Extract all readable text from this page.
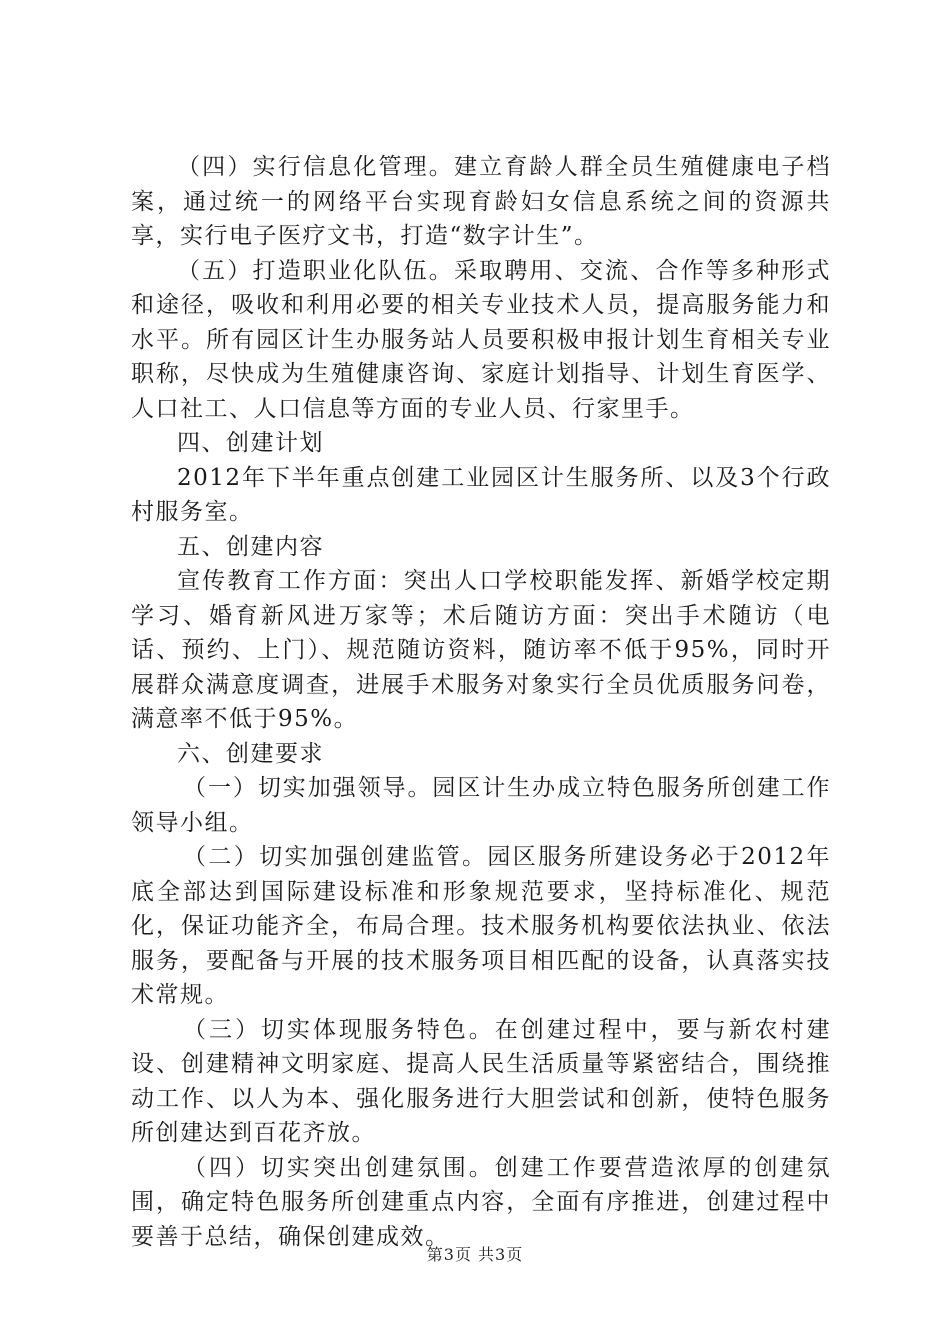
（四）实行信息化管理。建立育龄人群全员生殖健康电子档案，通过统一的网络平台实现育龄妇女信息系统之间的资源共享，实行电子医疗文书，打造“数字计生”。

（五）打造职业化队伍。采取聘用、交流、合作等多种形式和途径，吸收和利用必要的相关专业技术人员，提高服务能力和水平。所有园区计生办服务站人员要积极申报计划生育相关专业职称，尽快成为生殖健康咨询、家庭计划指导、计划生育医学、人口社工、人口信息等方面的专业人员、行家里手。

四、创建计划

2012年下半年重点创建工业园区计生服务所、以及3个行政村服务室。

五、创建内容

宣传教育工作方面：突出人口学校职能发挥、新婚学校定期学习、婚育新风进万家等；术后随访方面：突出手术随访（电话、预约、上门）、规范随访资料，随访率不低于95%，同时开展群众满意度调查，进展手术服务对象实行全员优质服务问卷，满意率不低于95%。

六、创建要求

（一）切实加强领导。园区计生办成立特色服务所创建工作领导小组。

（二）切实加强创建监管。园区服务所建设务必于2012年底全部达到国际建设标准和形象规范要求，坚持标准化、规范化，保证功能齐全，布局合理。技术服务机构要依法执业、依法服务，要配备与开展的技术服务项目相匹配的设备，认真落实技术常规。

（三）切实体现服务特色。在创建过程中，要与新农村建设、创建精神文明家庭、提高人民生活质量等紧密结合，围绕推动工作、以人为本、强化服务进行大胆尝试和创新，使特色服务所创建达到百花齐放。

（四）切实突出创建氛围。创建工作要营造浓厚的创建氛围，确定特色服务所创建重点内容，全面有序推进，创建过程中要善于总结，确保创建成效。

第3页 共3页
